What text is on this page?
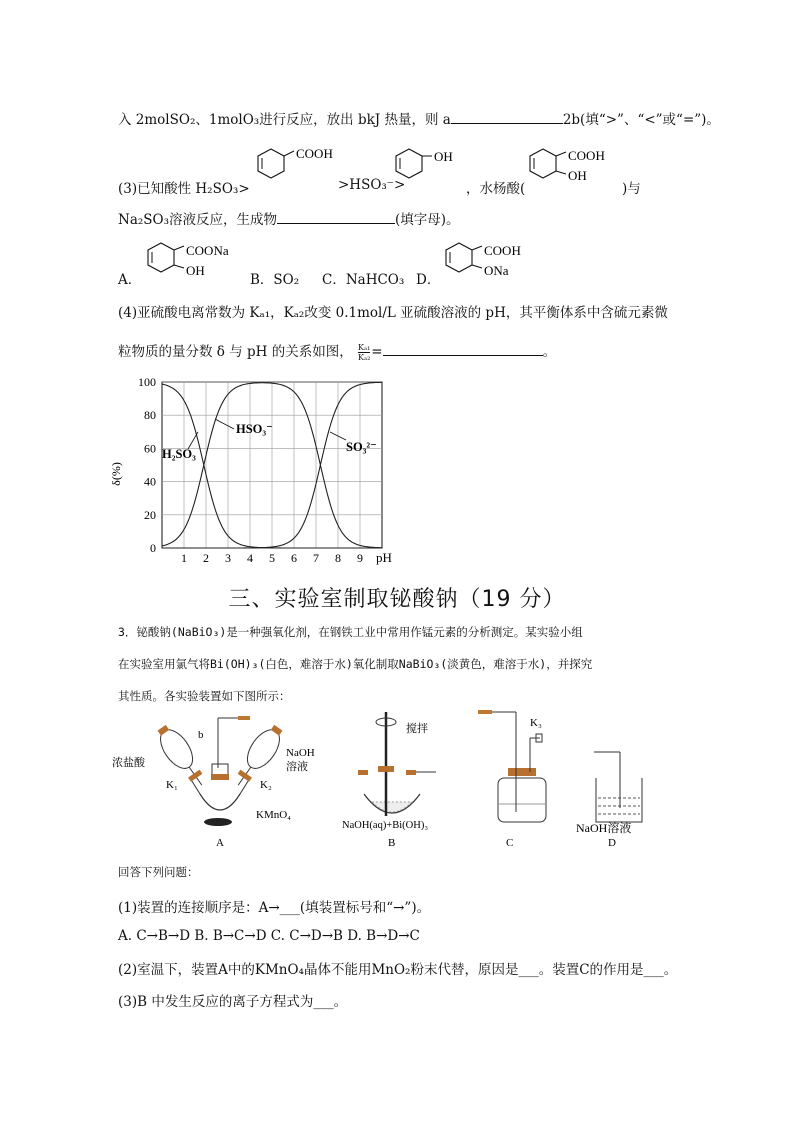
入 2molSO₂、1molO₃进行反应，放出 bkJ 热量，则 a	2b(填“>”、“<”或“=”)。
(3)已知酸性 H₂SO₃>
COOH
>HSO₃⁻>
OH
，水杨酸(
COOH
OH
)与
Na₂SO₃溶液反应，生成物	(填字母)。
A．
COONa
OH
B．SO₂ C．NaHCO₃ D．
COOH
ONa
(4)亚硫酸电离常数为 Kₐ₁，Kₐ₂改变 0.1mol/L 亚硫酸溶液的 pH，其平衡体系中含硫元素微
粒物质的量分数 δ 与 pH 的关系如图， $\frac{\text{Kₐ₁}}{\text{Kₐ₂}}$ =	。
1 2 3 4 5 6 7 8 9
0
20
40
60
80
100
δ(%)
pH
H₂SO₃
HSO₃⁻
SO₃²⁻
三、实验室制取铋酸钠（19 分）
3．铋酸钠(NaBiO₃)是一种强氧化剂，在钢铁工业中常用作锰元素的分析测定。某实验小组
在实验室用氯气将Bi(OH)₃(白色，难溶于水)氧化制取NaBiO₃(淡黄色，难溶于水)，并探究
其性质。各实验装置如下图所示：
浓盐酸
b
K₁	K₂
NaOH
溶液
KMnO₄
A
搅拌
NaOH(aq)+Bi(OH)₃
B
K₃
C
NaOH溶液
D
回答下列问题：
(1)装置的连接顺序是：A→___(填装置标号和“→”)。
A. C→B→D B. B→C→D C. C→D→B D. B→D→C
(2)室温下，装置A中的KMnO₄晶体不能用MnO₂粉末代替，原因是___。装置C的作用是___。
(3)B 中发生反应的离子方程式为___。
